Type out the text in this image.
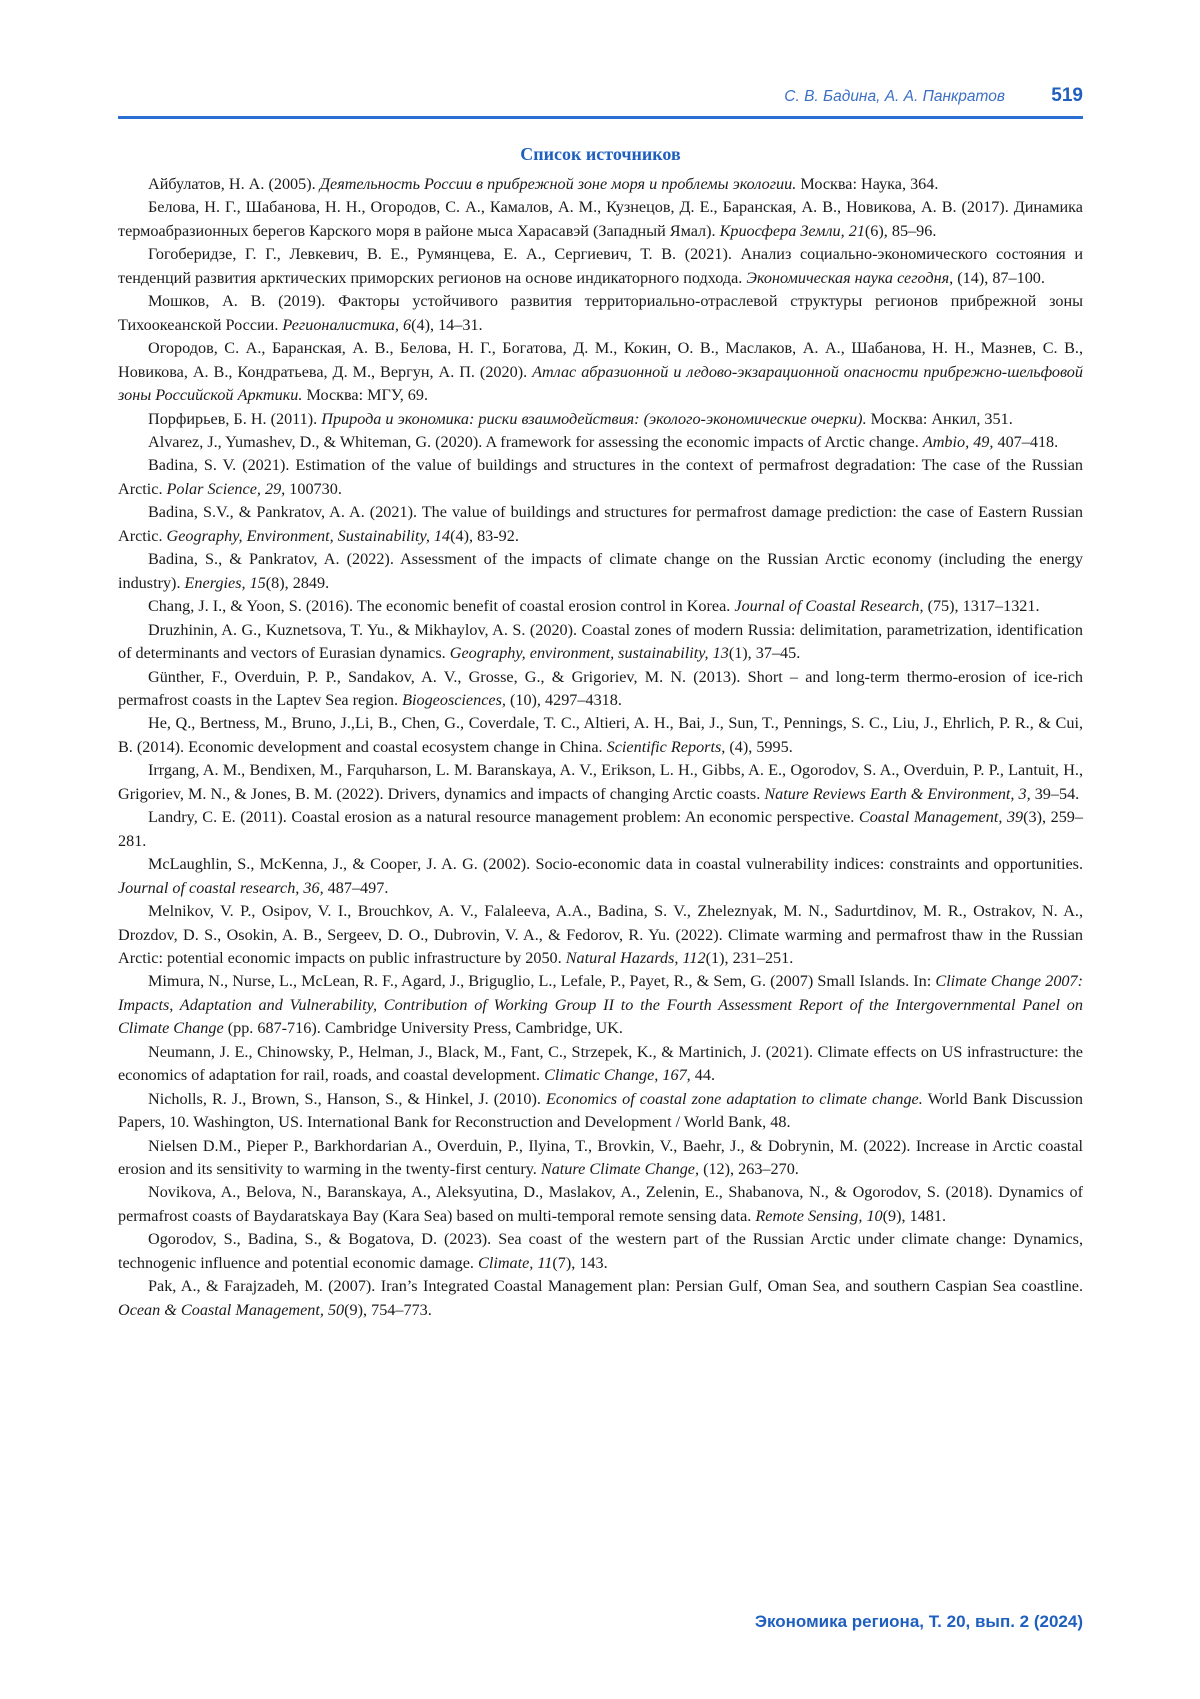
С. В. Бадина, А. А. Панкратов 519
Список источников
Айбулатов, Н. А. (2005). Деятельность России в прибрежной зоне моря и проблемы экологии. Москва: Наука, 364.
Белова, Н. Г., Шабанова, Н. Н., Огородов, С. А., Камалов, А. М., Кузнецов, Д. Е., Баранская, А. В., Новикова, А. В. (2017). Динамика термоабразионных берегов Карского моря в районе мыса Харасавэй (Западный Ямал). Криосфера Земли, 21(6), 85–96.
Гогоберидзе, Г. Г., Левкевич, В. Е., Румянцева, Е. А., Сергиевич, Т. В. (2021). Анализ социально-экономического состояния и тенденций развития арктических приморских регионов на основе индикаторного подхода. Экономическая наука сегодня, (14), 87–100.
Мошков, А. В. (2019). Факторы устойчивого развития территориально-отраслевой структуры регионов прибрежной зоны Тихоокеанской России. Регионалистика, 6(4), 14–31.
Огородов, С. А., Баранская, А. В., Белова, Н. Г., Богатова, Д. М., Кокин, О. В., Маслаков, А. А., Шабанова, Н. Н., Мазнев, С. В., Новикова, А. В., Кондратьева, Д. М., Вергун, А. П. (2020). Атлас абразионной и ледово-экзарационной опасности прибрежно-шельфовой зоны Российской Арктики. Москва: МГУ, 69.
Порфирьев, Б. Н. (2011). Природа и экономика: риски взаимодействия: (эколого-экономические очерки). Москва: Анкил, 351.
Alvarez, J., Yumashev, D., & Whiteman, G. (2020). A framework for assessing the economic impacts of Arctic change. Ambio, 49, 407–418.
Badina, S. V. (2021). Estimation of the value of buildings and structures in the context of permafrost degradation: The case of the Russian Arctic. Polar Science, 29, 100730.
Badina, S.V., & Pankratov, A. A. (2021). The value of buildings and structures for permafrost damage prediction: the case of Eastern Russian Arctic. Geography, Environment, Sustainability, 14(4), 83-92.
Badina, S., & Pankratov, A. (2022). Assessment of the impacts of climate change on the Russian Arctic economy (including the energy industry). Energies, 15(8), 2849.
Chang, J. I., & Yoon, S. (2016). The economic benefit of coastal erosion control in Korea. Journal of Coastal Research, (75), 1317–1321.
Druzhinin, A. G., Kuznetsova, T. Yu., & Mikhaylov, A. S. (2020). Coastal zones of modern Russia: delimitation, parametrization, identification of determinants and vectors of Eurasian dynamics. Geography, environment, sustainability, 13(1), 37–45.
Günther, F., Overduin, P. P., Sandakov, A. V., Grosse, G., & Grigoriev, M. N. (2013). Short – and long-term thermo-erosion of ice-rich permafrost coasts in the Laptev Sea region. Biogeosciences, (10), 4297–4318.
He, Q., Bertness, M., Bruno, J.,Li, B., Chen, G., Coverdale, T. C., Altieri, A. H., Bai, J., Sun, T., Pennings, S. C., Liu, J., Ehrlich, P. R., & Cui, B. (2014). Economic development and coastal ecosystem change in China. Scientific Reports, (4), 5995.
Irrgang, A. M., Bendixen, M., Farquharson, L. M. Baranskaya, A. V., Erikson, L. H., Gibbs, A. E., Ogorodov, S. A., Overduin, P. P., Lantuit, H., Grigoriev, M. N., & Jones, B. M. (2022). Drivers, dynamics and impacts of changing Arctic coasts. Nature Reviews Earth & Environment, 3, 39–54.
Landry, C. E. (2011). Coastal erosion as a natural resource management problem: An economic perspective. Coastal Management, 39(3), 259–281.
McLaughlin, S., McKenna, J., & Cooper, J. A. G. (2002). Socio-economic data in coastal vulnerability indices: constraints and opportunities. Journal of coastal research, 36, 487–497.
Melnikov, V. P., Osipov, V. I., Brouchkov, A. V., Falaleeva, A.A., Badina, S. V., Zheleznyak, M. N., Sadurtdinov, M. R., Ostrakov, N. A., Drozdov, D. S., Osokin, A. B., Sergeev, D. O., Dubrovin, V. A., & Fedorov, R. Yu. (2022). Climate warming and permafrost thaw in the Russian Arctic: potential economic impacts on public infrastructure by 2050. Natural Hazards, 112(1), 231–251.
Mimura, N., Nurse, L., McLean, R. F., Agard, J., Briguglio, L., Lefale, P., Payet, R., & Sem, G. (2007) Small Islands. In: Climate Change 2007: Impacts, Adaptation and Vulnerability, Contribution of Working Group II to the Fourth Assessment Report of the Intergovernmental Panel on Climate Change (pp. 687-716). Cambridge University Press, Cambridge, UK.
Neumann, J. E., Chinowsky, P., Helman, J., Black, M., Fant, C., Strzepek, K., & Martinich, J. (2021). Climate effects on US infrastructure: the economics of adaptation for rail, roads, and coastal development. Climatic Change, 167, 44.
Nicholls, R. J., Brown, S., Hanson, S., & Hinkel, J. (2010). Economics of coastal zone adaptation to climate change. World Bank Discussion Papers, 10. Washington, US. International Bank for Reconstruction and Development / World Bank, 48.
Nielsen D.M., Pieper P., Barkhordarian A., Overduin, P., Ilyina, T., Brovkin, V., Baehr, J., & Dobrynin, M. (2022). Increase in Arctic coastal erosion and its sensitivity to warming in the twenty-first century. Nature Climate Change, (12), 263–270.
Novikova, A., Belova, N., Baranskaya, A., Aleksyutina, D., Maslakov, A., Zelenin, E., Shabanova, N., & Ogorodov, S. (2018). Dynamics of permafrost coasts of Baydaratskaya Bay (Kara Sea) based on multi-temporal remote sensing data. Remote Sensing, 10(9), 1481.
Ogorodov, S., Badina, S., & Bogatova, D. (2023). Sea coast of the western part of the Russian Arctic under climate change: Dynamics, technogenic influence and potential economic damage. Climate, 11(7), 143.
Pak, A., & Farajzadeh, M. (2007). Iran’s Integrated Coastal Management plan: Persian Gulf, Oman Sea, and southern Caspian Sea coastline. Ocean & Coastal Management, 50(9), 754–773.
Экономика региона, Т. 20, вып. 2 (2024)
